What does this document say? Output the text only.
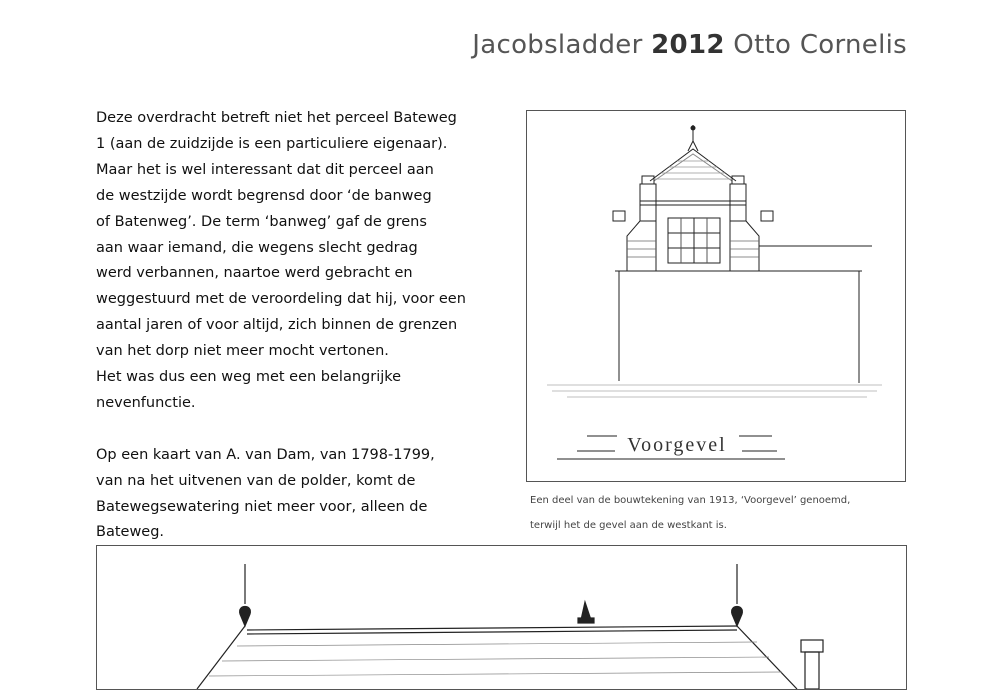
Jacobsladder 2012 Otto Cornelis
Deze overdracht betreft niet het perceel Bateweg
1 (aan de zuidzijde is een particuliere eigenaar).
Maar het is wel interessant dat dit perceel aan
de westzijde wordt begrensd door ‘de banweg
of Batenweg’. De term ‘banweg’ gaf de grens
aan waar iemand, die wegens slecht gedrag
werd verbannen, naartoe werd gebracht en
weggestuurd met de veroordeling dat hij, voor een
aantal jaren of voor altijd, zich binnen de grenzen
van het dorp niet meer mocht vertonen.
Het was dus een weg met een belangrijke
nevenfunctie.
Op een kaart van A. van Dam, van 1798-1799,
van na het uitvenen van de polder, komt de
Batewegsewatering niet meer voor, alleen de
Bateweg.
Voorgevel
Een deel van de bouwtekening van 1913, ‘Voorgevel’ genoemd,
terwijl het de gevel aan de westkant is.
